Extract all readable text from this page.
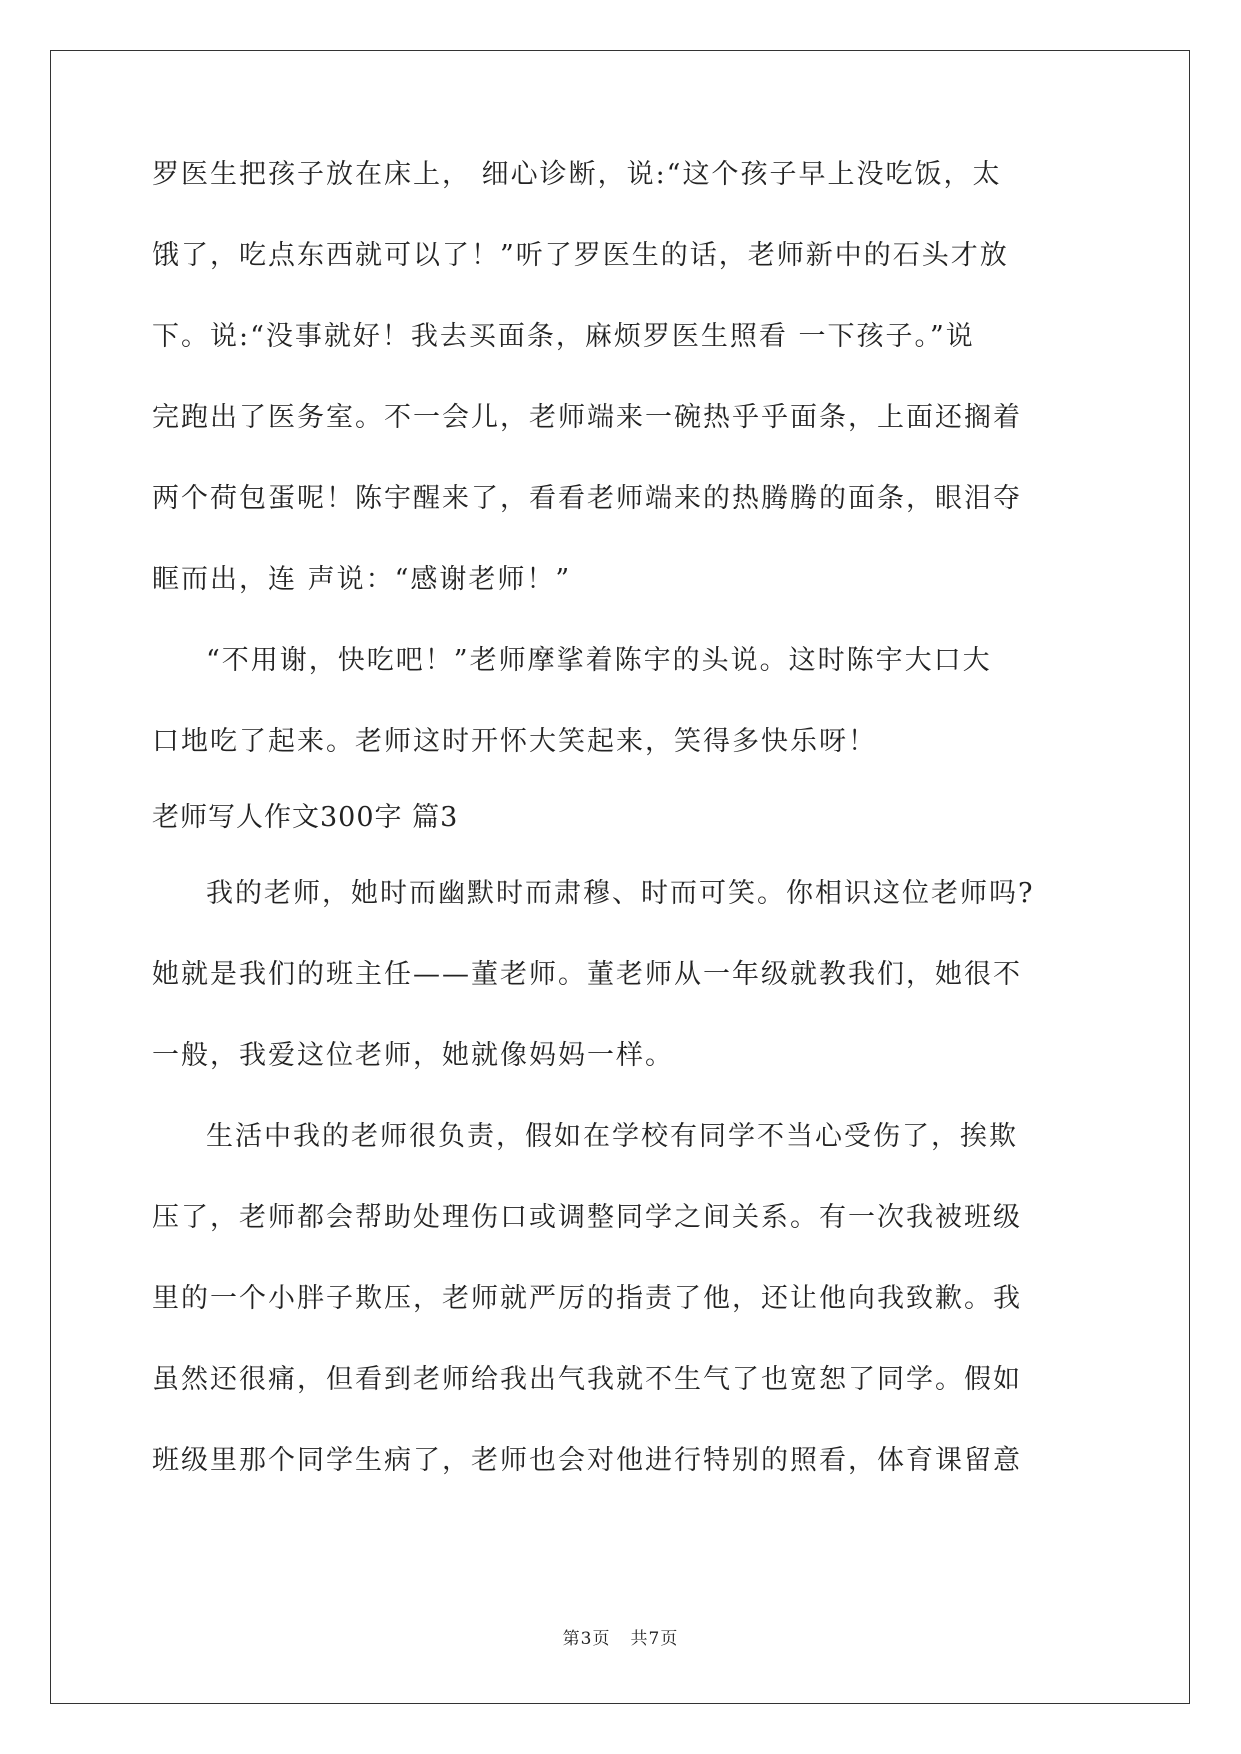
罗医生把孩子放在床上， 细心诊断，说:“这个孩子早上没吃饭，太
饿了，吃点东西就可以了！”听了罗医生的话，老师新中的石头才放
下。说:“没事就好！我去买面条，麻烦罗医生照看 一下孩子。”说
完跑出了医务室。不一会儿，老师端来一碗热乎乎面条，上面还搁着
两个荷包蛋呢！陈宇醒来了，看看老师端来的热腾腾的面条，眼泪夺
眶而出，连 声说：“感谢老师！”
“不用谢，快吃吧！”老师摩挲着陈宇的头说。这时陈宇大口大
口地吃了起来。老师这时开怀大笑起来，笑得多快乐呀！
老师写人作文300字 篇3
我的老师，她时而幽默时而肃穆、时而可笑。你相识这位老师吗?
她就是我们的班主任——董老师。董老师从一年级就教我们，她很不
一般，我爱这位老师，她就像妈妈一样。
生活中我的老师很负责，假如在学校有同学不当心受伤了，挨欺
压了，老师都会帮助处理伤口或调整同学之间关系。有一次我被班级
里的一个小胖子欺压，老师就严厉的指责了他，还让他向我致歉。我
虽然还很痛，但看到老师给我出气我就不生气了也宽恕了同学。假如
班级里那个同学生病了，老师也会对他进行特别的照看，体育课留意
第3页 共7页
